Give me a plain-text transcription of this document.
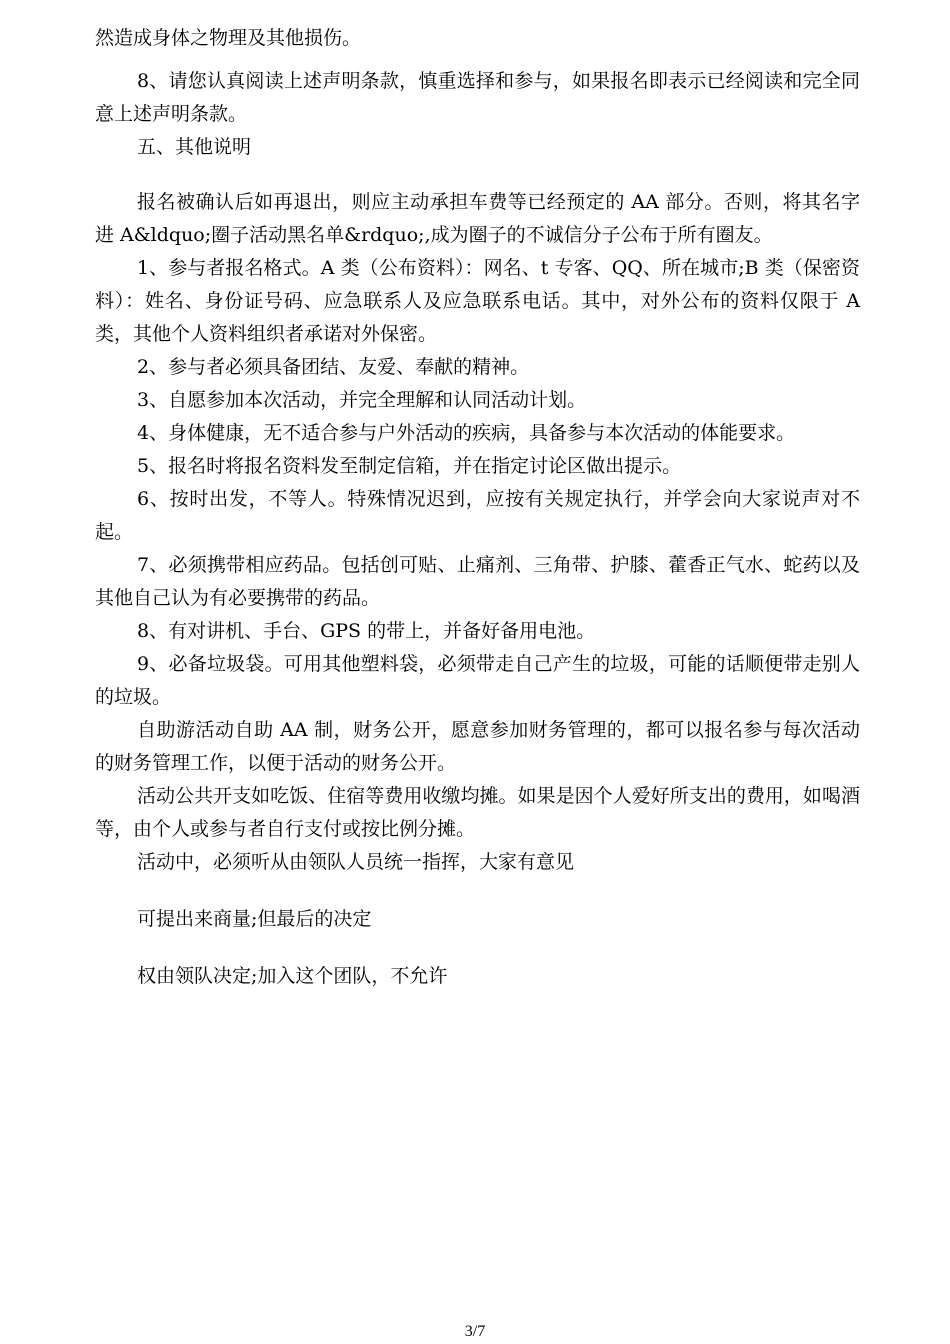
然造成身体之物理及其他损伤。

8、请您认真阅读上述声明条款，慎重选择和参与，如果报名即表示已经阅读和完全同意上述声明条款。

五、其他说明

报名被确认后如再退出，则应主动承担车费等已经预定的 AA 部分。否则，将其名字进 A&ldquo;圈子活动黑名单&rdquo;,成为圈子的不诚信分子公布于所有圈友。

1、参与者报名格式。A 类（公布资料）：网名、t 专客、QQ、所在城市;B 类（保密资料）：姓名、身份证号码、应急联系人及应急联系电话。其中，对外公布的资料仅限于 A 类，其他个人资料组织者承诺对外保密。

2、参与者必须具备团结、友爱、奉献的精神。

3、自愿参加本次活动，并完全理解和认同活动计划。

4、身体健康，无不适合参与户外活动的疾病，具备参与本次活动的体能要求。

5、报名时将报名资料发至制定信箱，并在指定讨论区做出提示。

6、按时出发，不等人。特殊情况迟到，应按有关规定执行，并学会向大家说声对不起。

7、必须携带相应药品。包括创可贴、止痛剂、三角带、护膝、藿香正气水、蛇药以及其他自己认为有必要携带的药品。

8、有对讲机、手台、GPS 的带上，并备好备用电池。

9、必备垃圾袋。可用其他塑料袋，必须带走自己产生的垃圾，可能的话顺便带走别人的垃圾。

自助游活动自助 AA 制，财务公开，愿意参加财务管理的，都可以报名参与每次活动的财务管理工作，以便于活动的财务公开。

活动公共开支如吃饭、住宿等费用收缴均摊。如果是因个人爱好所支出的费用，如喝酒等，由个人或参与者自行支付或按比例分摊。

活动中，必须听从由领队人员统一指挥，大家有意见

可提出来商量;但最后的决定

权由领队决定;加入这个团队，不允许

3/7
